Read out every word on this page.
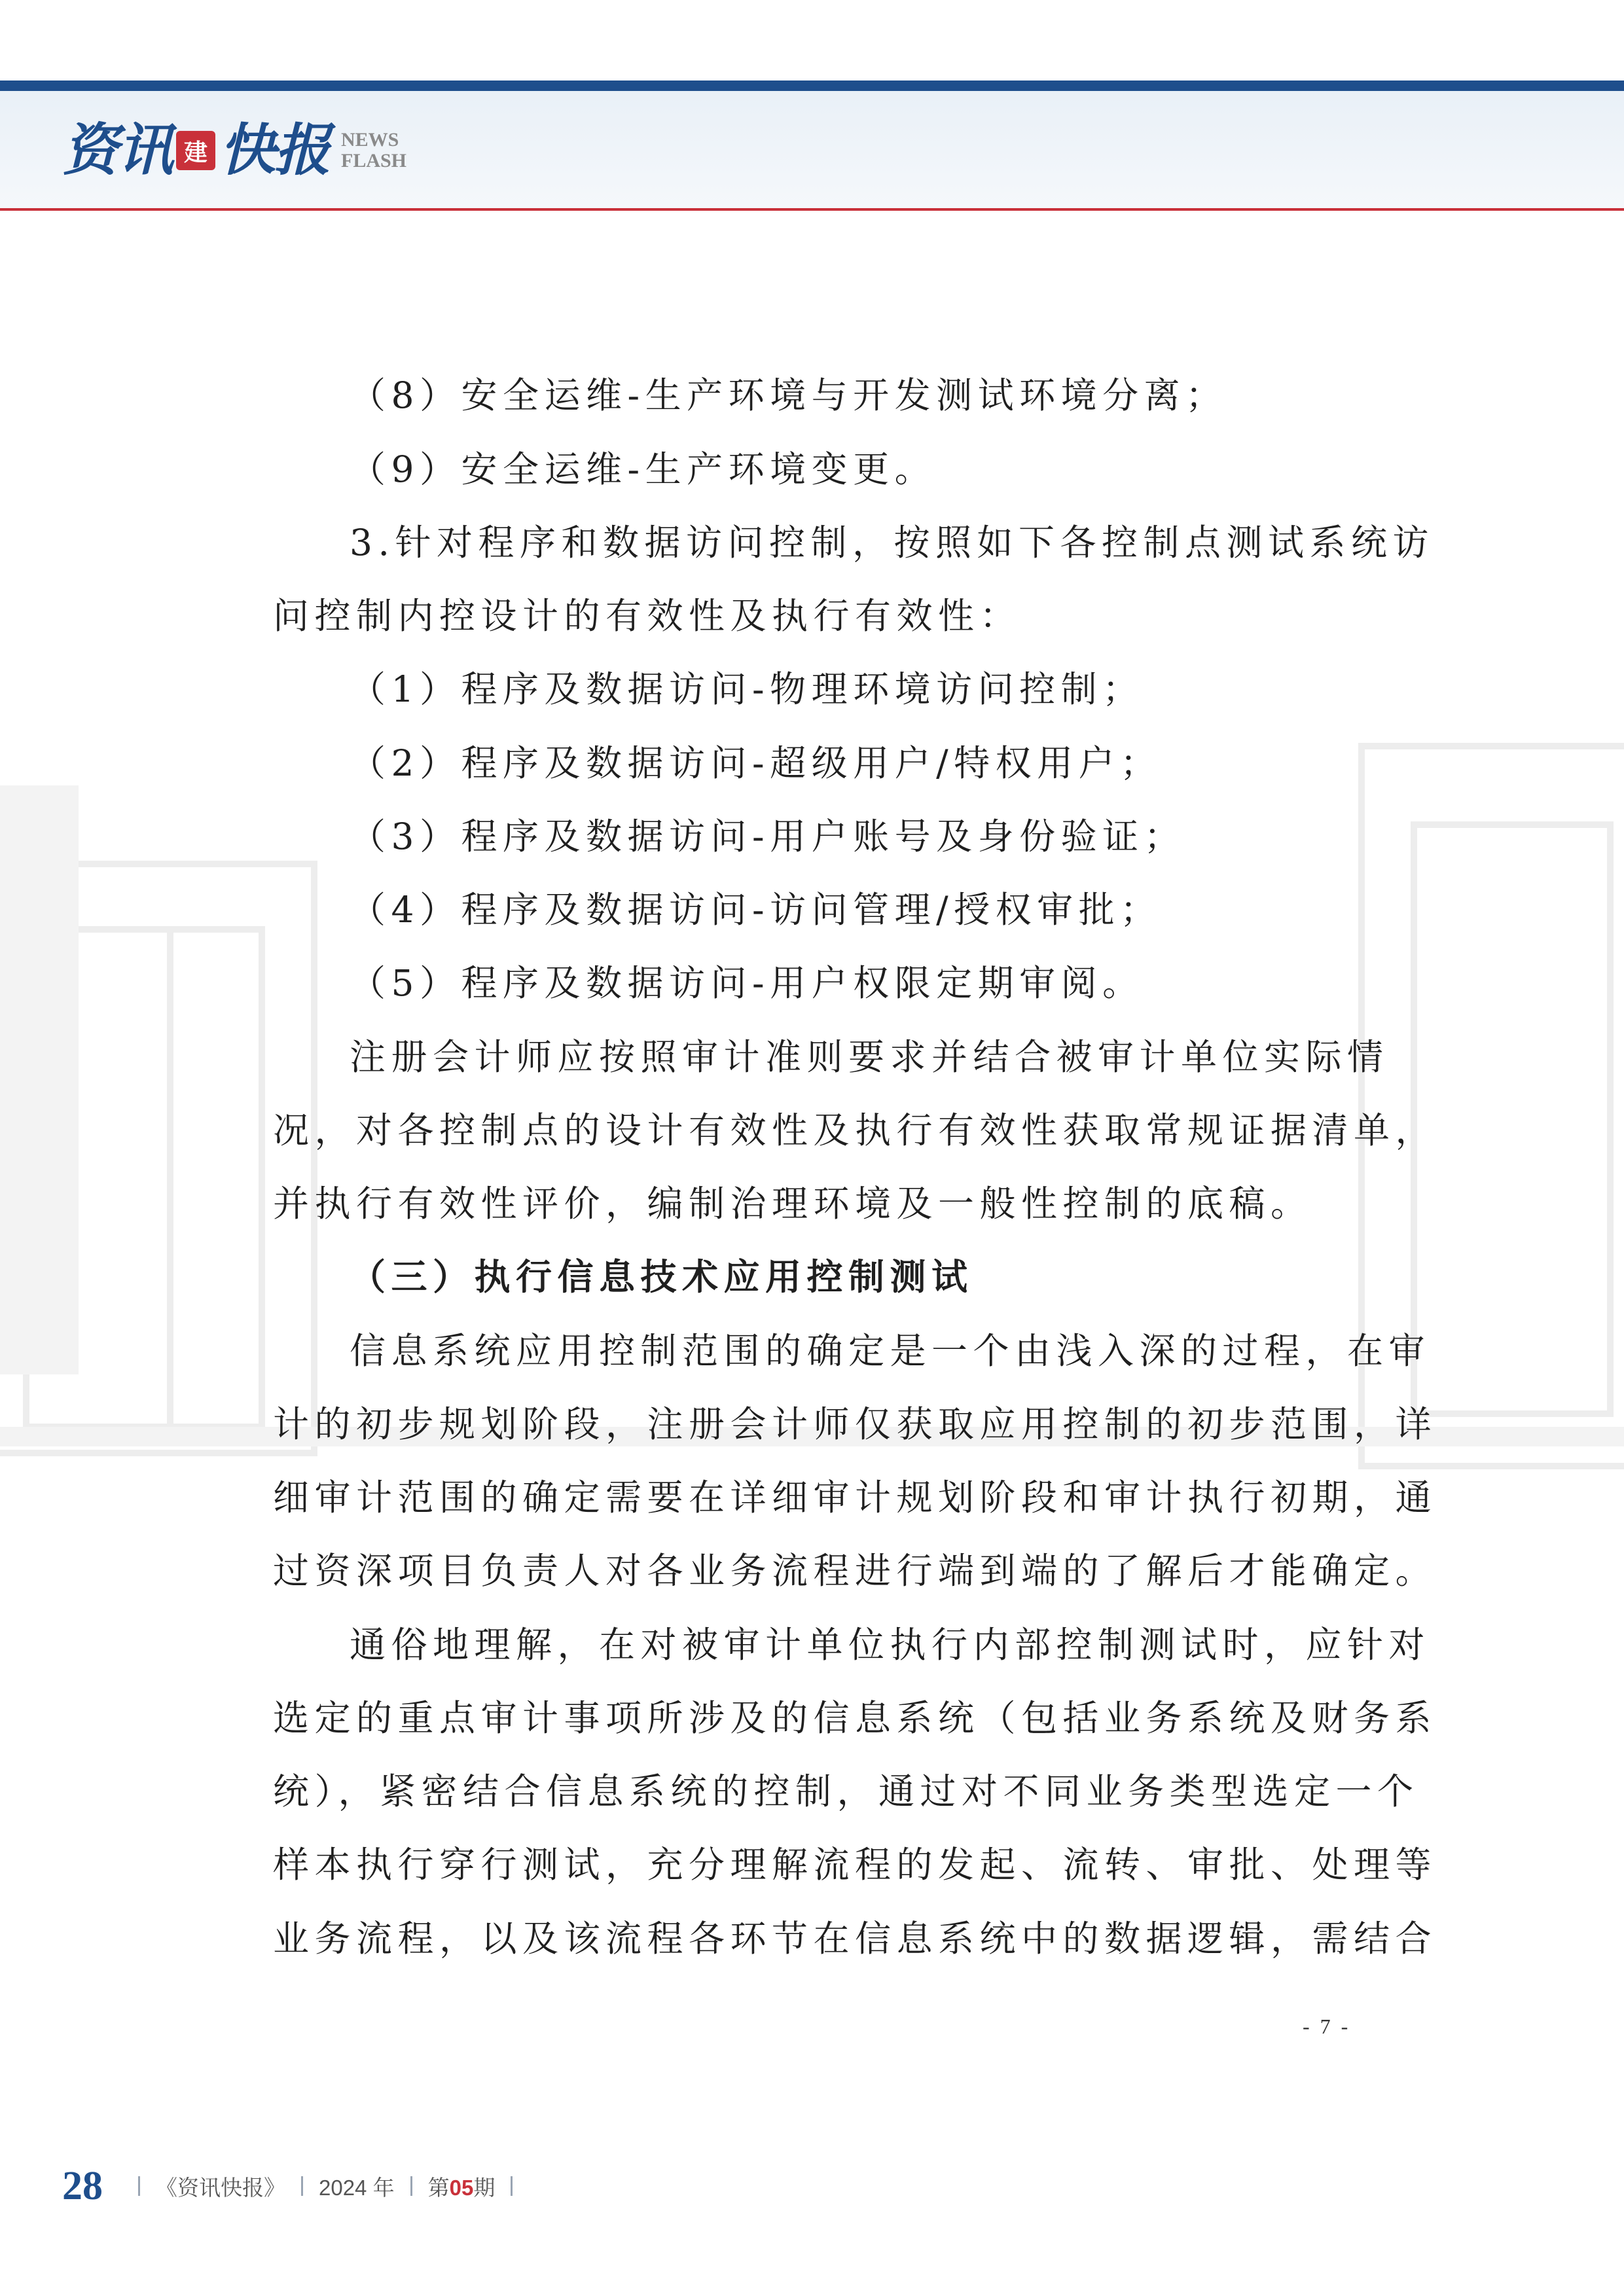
资讯 建 快报 NEWS
FLASH
（8）安全运维-生产环境与开发测试环境分离；
（9）安全运维-生产环境变更。
3.针对程序和数据访问控制，按照如下各控制点测试系统访
问控制内控设计的有效性及执行有效性：
（1）程序及数据访问-物理环境访问控制；
（2）程序及数据访问-超级用户/特权用户；
（3）程序及数据访问-用户账号及身份验证；
（4）程序及数据访问-访问管理/授权审批；
（5）程序及数据访问-用户权限定期审阅。
注册会计师应按照审计准则要求并结合被审计单位实际情
况，对各控制点的设计有效性及执行有效性获取常规证据清单，
并执行有效性评价，编制治理环境及一般性控制的底稿。
（三）执行信息技术应用控制测试
信息系统应用控制范围的确定是一个由浅入深的过程，在审
计的初步规划阶段，注册会计师仅获取应用控制的初步范围，详
细审计范围的确定需要在详细审计规划阶段和审计执行初期，通
过资深项目负责人对各业务流程进行端到端的了解后才能确定。
通俗地理解，在对被审计单位执行内部控制测试时，应针对
选定的重点审计事项所涉及的信息系统（包括业务系统及财务系
统），紧密结合信息系统的控制，通过对不同业务类型选定一个
样本执行穿行测试，充分理解流程的发起、流转、审批、处理等
业务流程，以及该流程各环节在信息系统中的数据逻辑，需结合
- 7 -
28 《资讯快报》 2024 年 第05期
